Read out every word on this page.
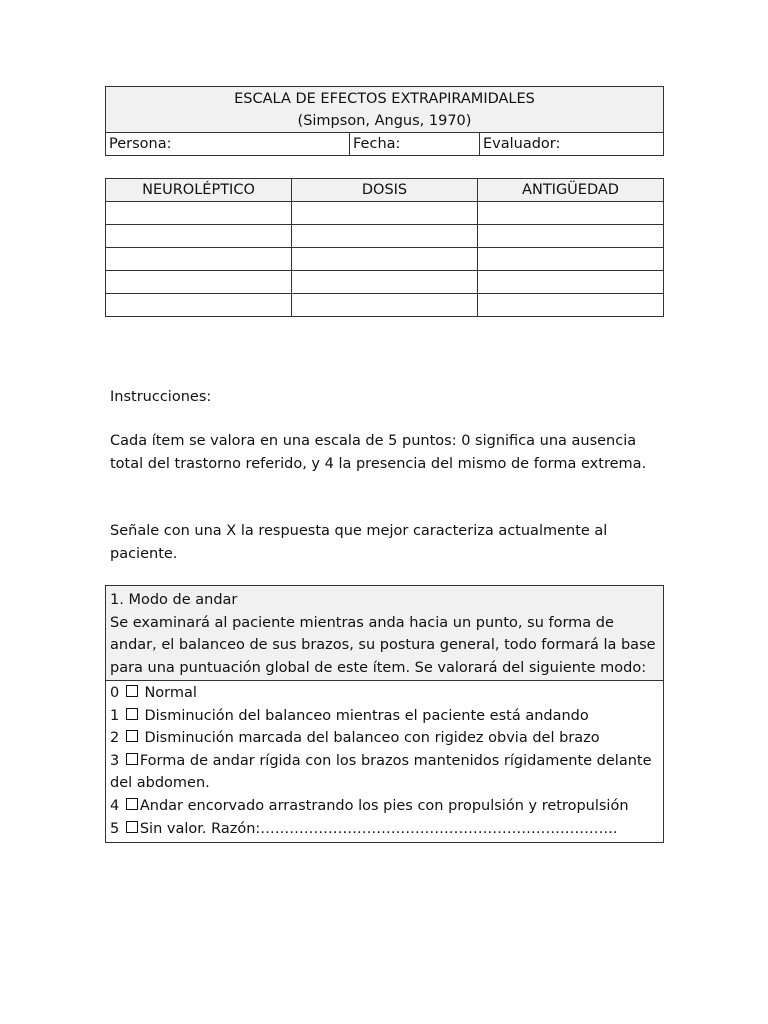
ESCALA DE EFECTOS EXTRAPIRAMIDALES
(Simpson, Angus, 1970)

Persona:	Fecha:	Evaluador:
NEUROLÉPTICO	DOSIS	ANTIGÜEDAD

Instrucciones:
Cada ítem se valora en una escala de 5 puntos: 0 significa una ausencia total del trastorno referido, y 4 la presencia del mismo de forma extrema.
Señale con una X la respuesta que mejor caracteriza actualmente al paciente.
1. Modo de andar
Se examinará al paciente mientras anda hacia un punto, su forma de andar, el balanceo de sus brazos, su postura general, todo formará la base para una puntuación global de este ítem. Se valorará del siguiente modo:

0  Normal
1  Disminución del balanceo mientras el paciente está andando
2  Disminución marcada del balanceo con rigidez obvia del brazo
3 Forma de andar rígida con los brazos mantenidos rígidamente delante del abdomen.
4 Andar encorvado arrastrando los pies con propulsión y retropulsión
5 Sin valor. Razón:………………………………………………………………..
